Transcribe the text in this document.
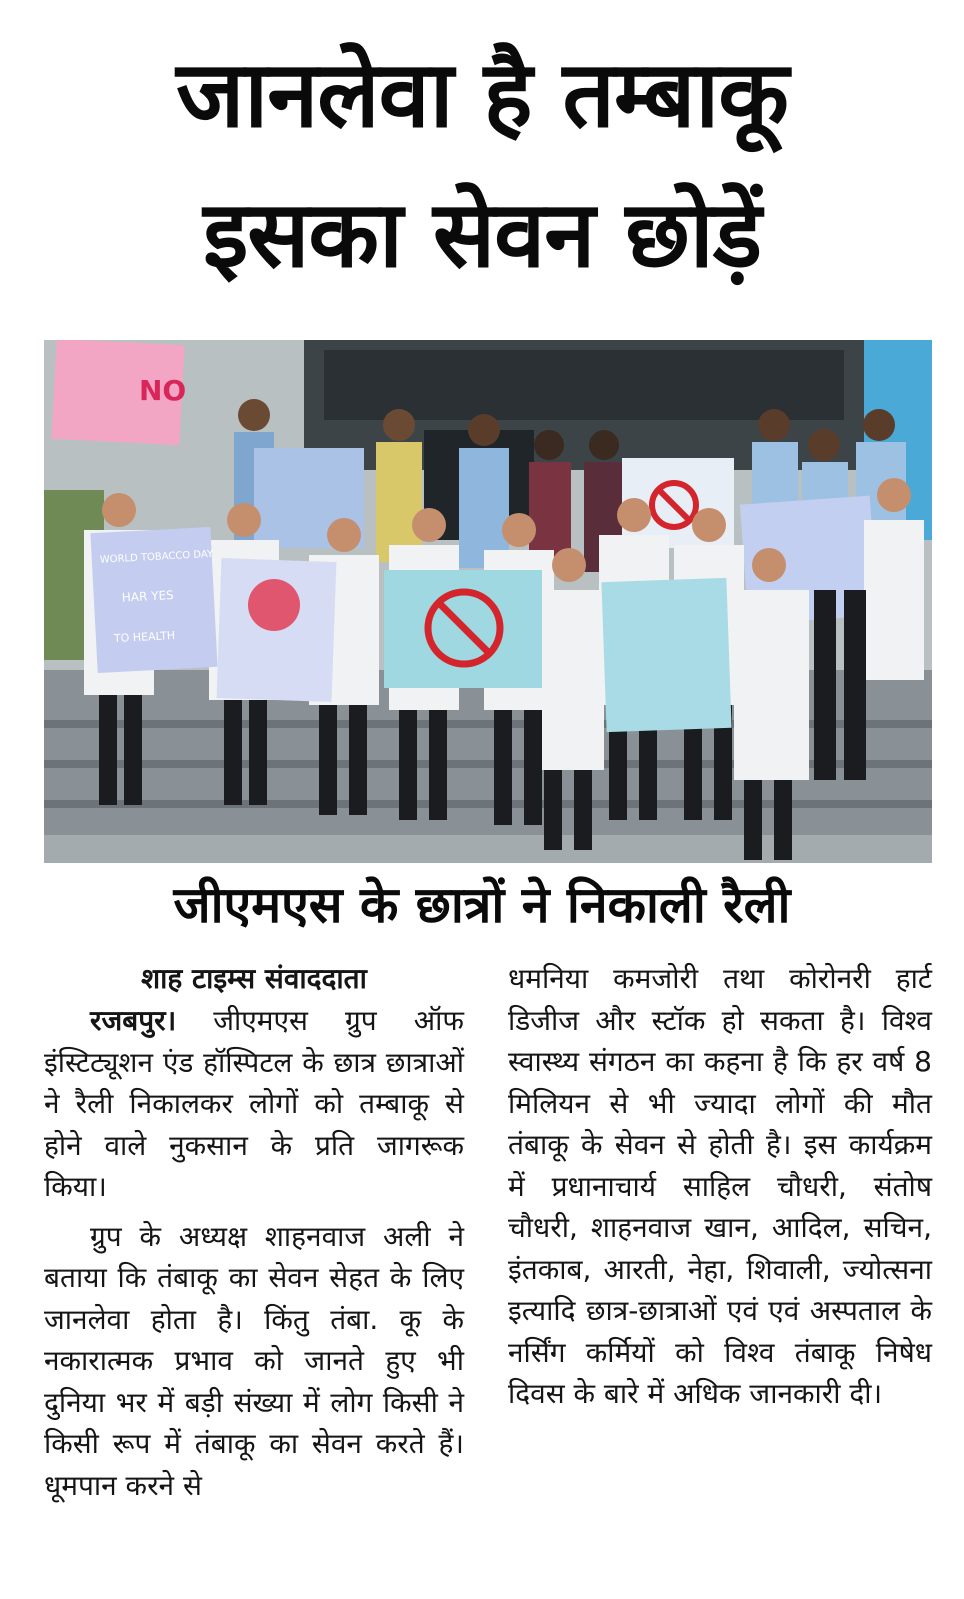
जानलेवा है तम्बाकू
इसका सेवन छोड़ें
NO
WORLD TOBACCO DAY
HAR YES
TO HEALTH
जीएमएस के छात्रों ने निकाली रैली
शाह टाइम्स संवाददाता

रजबपुर। जीएमएस ग्रुप ऑफ इंस्टिट्यूशन एंड हॉस्पिटल के छात्र छात्राओं ने रैली निकालकर लोगों को तम्बाकू से होने वाले नुकसान के प्रति जागरूक किया।

ग्रुप के अध्यक्ष शाहनवाज अली ने बताया कि तंबाकू का सेवन सेहत के लिए जानलेवा होता है। किंतु तंबा. कू के नकारात्मक प्रभाव को जानते हुए भी दुनिया भर में बड़ी संख्या में लोग किसी ने किसी रूप में तंबाकू का सेवन करते हैं। धूमपान करने से

धमनिया कमजोरी तथा कोरोनरी हार्ट डिजीज और स्टॉक हो सकता है। विश्व स्वास्थ्य संगठन का कहना है कि हर वर्ष 8 मिलियन से भी ज्यादा लोगों की मौत तंबाकू के सेवन से होती है। इस कार्यक्रम में प्रधानाचार्य साहिल चौधरी, संतोष चौधरी, शाहनवाज खान, आदिल, सचिन, इंतकाब, आरती, नेहा, शिवाली, ज्योत्सना इत्यादि छात्र-छात्राओं एवं एवं अस्पताल के नर्सिंग कर्मियों को विश्व तंबाकू निषेध दिवस के बारे में अधिक जानकारी दी।
